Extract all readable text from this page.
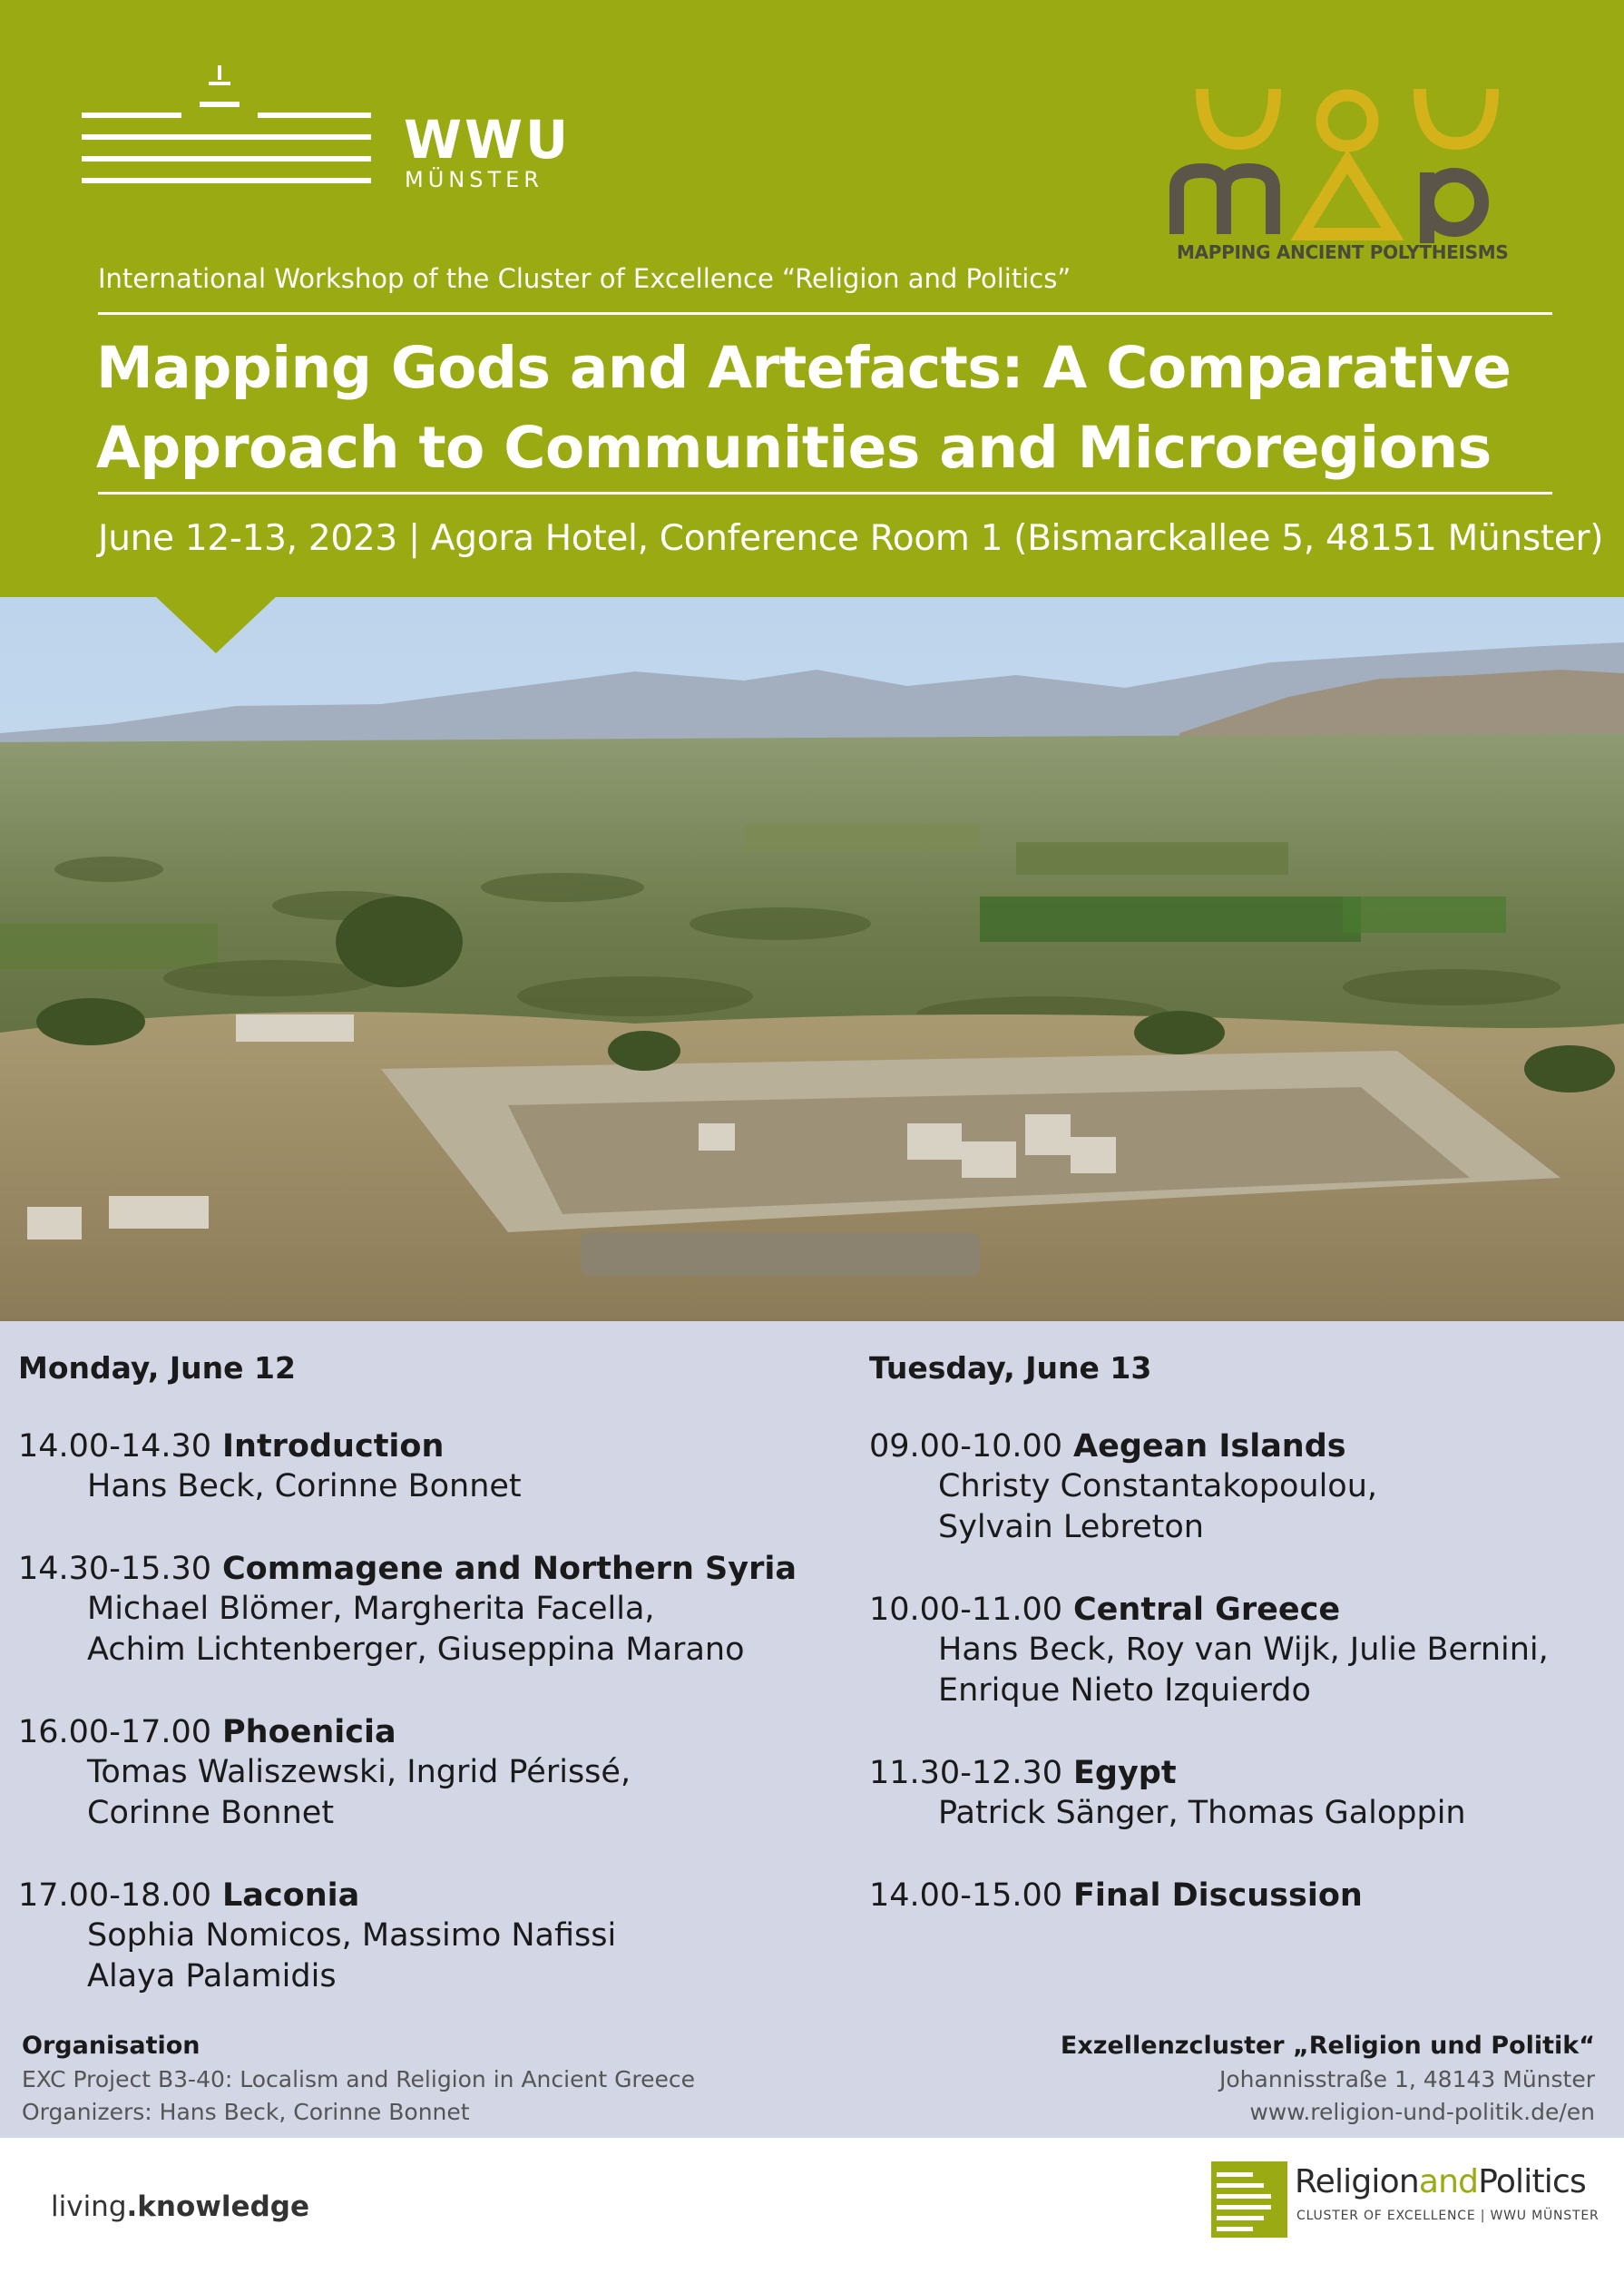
WWU
MÜNSTER
MAPPING ANCIENT POLYTHEISMS
International Workshop of the Cluster of Excellence “Religion and Politics”
Mapping Gods and Artefacts: A Comparative
Approach to Communities and Microregions
June 12-13, 2023 | Agora Hotel, Conference Room 1 (Bismarckallee 5, 48151 Münster)
Monday, June 12
14.00-14.30 Introduction
Hans Beck, Corinne Bonnet
14.30-15.30 Commagene and Northern Syria
Michael Blömer, Margherita Facella,
Achim Lichtenberger, Giuseppina Marano
16.00-17.00 Phoenicia
Tomas Waliszewski, Ingrid Périssé,
Corinne Bonnet
17.00-18.00 Laconia
Sophia Nomicos, Massimo Nafissi
Alaya Palamidis
Tuesday, June 13
09.00-10.00 Aegean Islands
Christy Constantakopoulou,
Sylvain Lebreton
10.00-11.00 Central Greece
Hans Beck, Roy van Wijk, Julie Bernini,
Enrique Nieto Izquierdo
11.30-12.30 Egypt
Patrick Sänger, Thomas Galoppin
14.00-15.00 Final Discussion
Organisation
EXC Project B3-40: Localism and Religion in Ancient Greece
Organizers: Hans Beck, Corinne Bonnet
Exzellenzcluster „Religion und Politik“
Johannisstraße 1, 48143 Münster
www.religion-und-politik.de/en
living.knowledge
ReligionandPolitics
CLUSTER OF EXCELLENCE | WWU MÜNSTER
